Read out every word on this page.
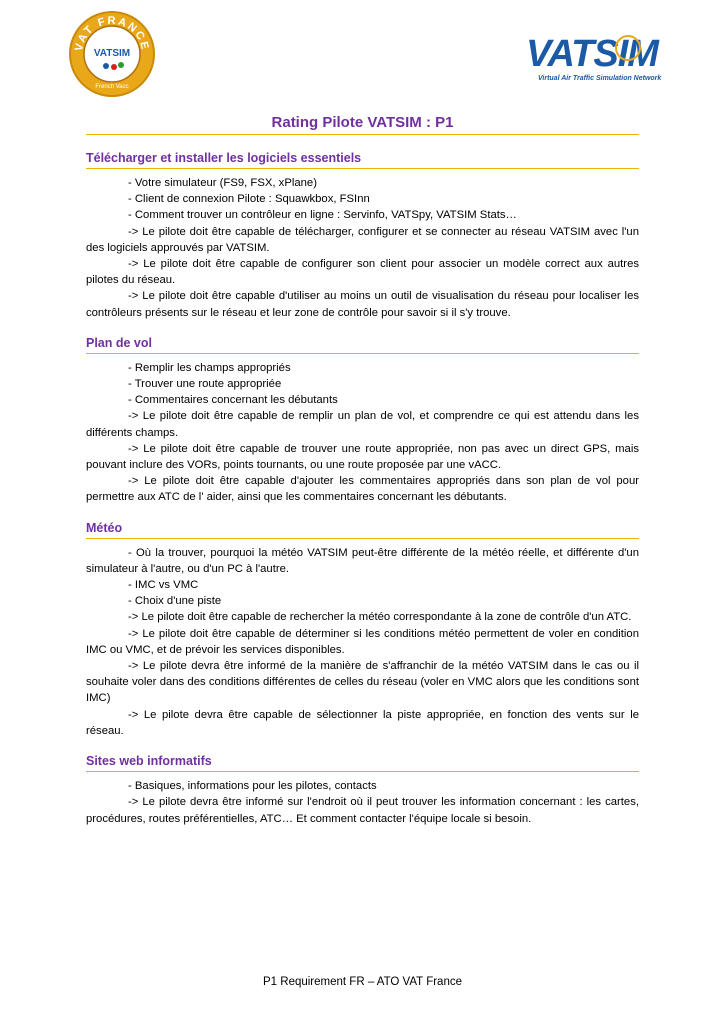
VAT FRANCE
VATSIM
French Vacc
VATSIM
Virtual Air Traffic Simulation Network
Rating Pilote VATSIM : P1
Télécharger et installer les logiciels essentiels

- Votre simulateur (FS9, FSX, xPlane)

- Client de connexion Pilote : Squawkbox, FSInn

- Comment trouver un contrôleur en ligne : Servinfo, VATSpy, VATSIM Stats…

-> Le pilote doit être capable de télécharger, configurer et se connecter au réseau VATSIM avec l'un des logiciels approuvés par VATSIM.

-> Le pilote doit être capable de configurer son client pour associer un modèle correct aux autres pilotes du réseau.

-> Le pilote doit être capable d'utiliser au moins un outil de visualisation du réseau pour localiser les contrôleurs présents sur le réseau et leur zone de contrôle pour savoir si il s'y trouve.

Plan de vol

- Remplir les champs appropriés

- Trouver une route appropriée

- Commentaires concernant les débutants

-> Le pilote doit être capable de remplir un plan de vol, et comprendre ce qui est attendu dans les différents champs.

-> Le pilote doit être capable de trouver une route appropriée, non pas avec un direct GPS, mais pouvant inclure des VORs, points tournants, ou une route proposée par une vACC.

-> Le pilote doit être capable d'ajouter les commentaires appropriés dans son plan de vol pour permettre aux ATC de l' aider, ainsi que les commentaires concernant les débutants.

Météo

- Où la trouver, pourquoi la météo VATSIM peut-être différente de la météo réelle, et différente d'un simulateur à l'autre, ou d'un PC à l'autre.

- IMC vs VMC

- Choix d'une piste

-> Le pilote doit être capable de rechercher la météo correspondante à la zone de contrôle d'un ATC.

-> Le pilote doit être capable de déterminer si les conditions météo permettent de voler en condition IMC ou VMC, et de prévoir les services disponibles.

-> Le pilote devra être informé de la manière de s'affranchir de la météo VATSIM dans le cas ou il souhaite voler dans des conditions différentes de celles du réseau (voler en VMC alors que les conditions sont IMC)

-> Le pilote devra être capable de sélectionner la piste appropriée, en fonction des vents sur le réseau.

Sites web informatifs

- Basiques, informations pour les pilotes, contacts

-> Le pilote devra être informé sur l'endroit où il peut trouver les information concernant : les cartes, procédures, routes préférentielles, ATC… Et comment contacter l'équipe locale si besoin.

P1 Requirement FR – ATO VAT France
